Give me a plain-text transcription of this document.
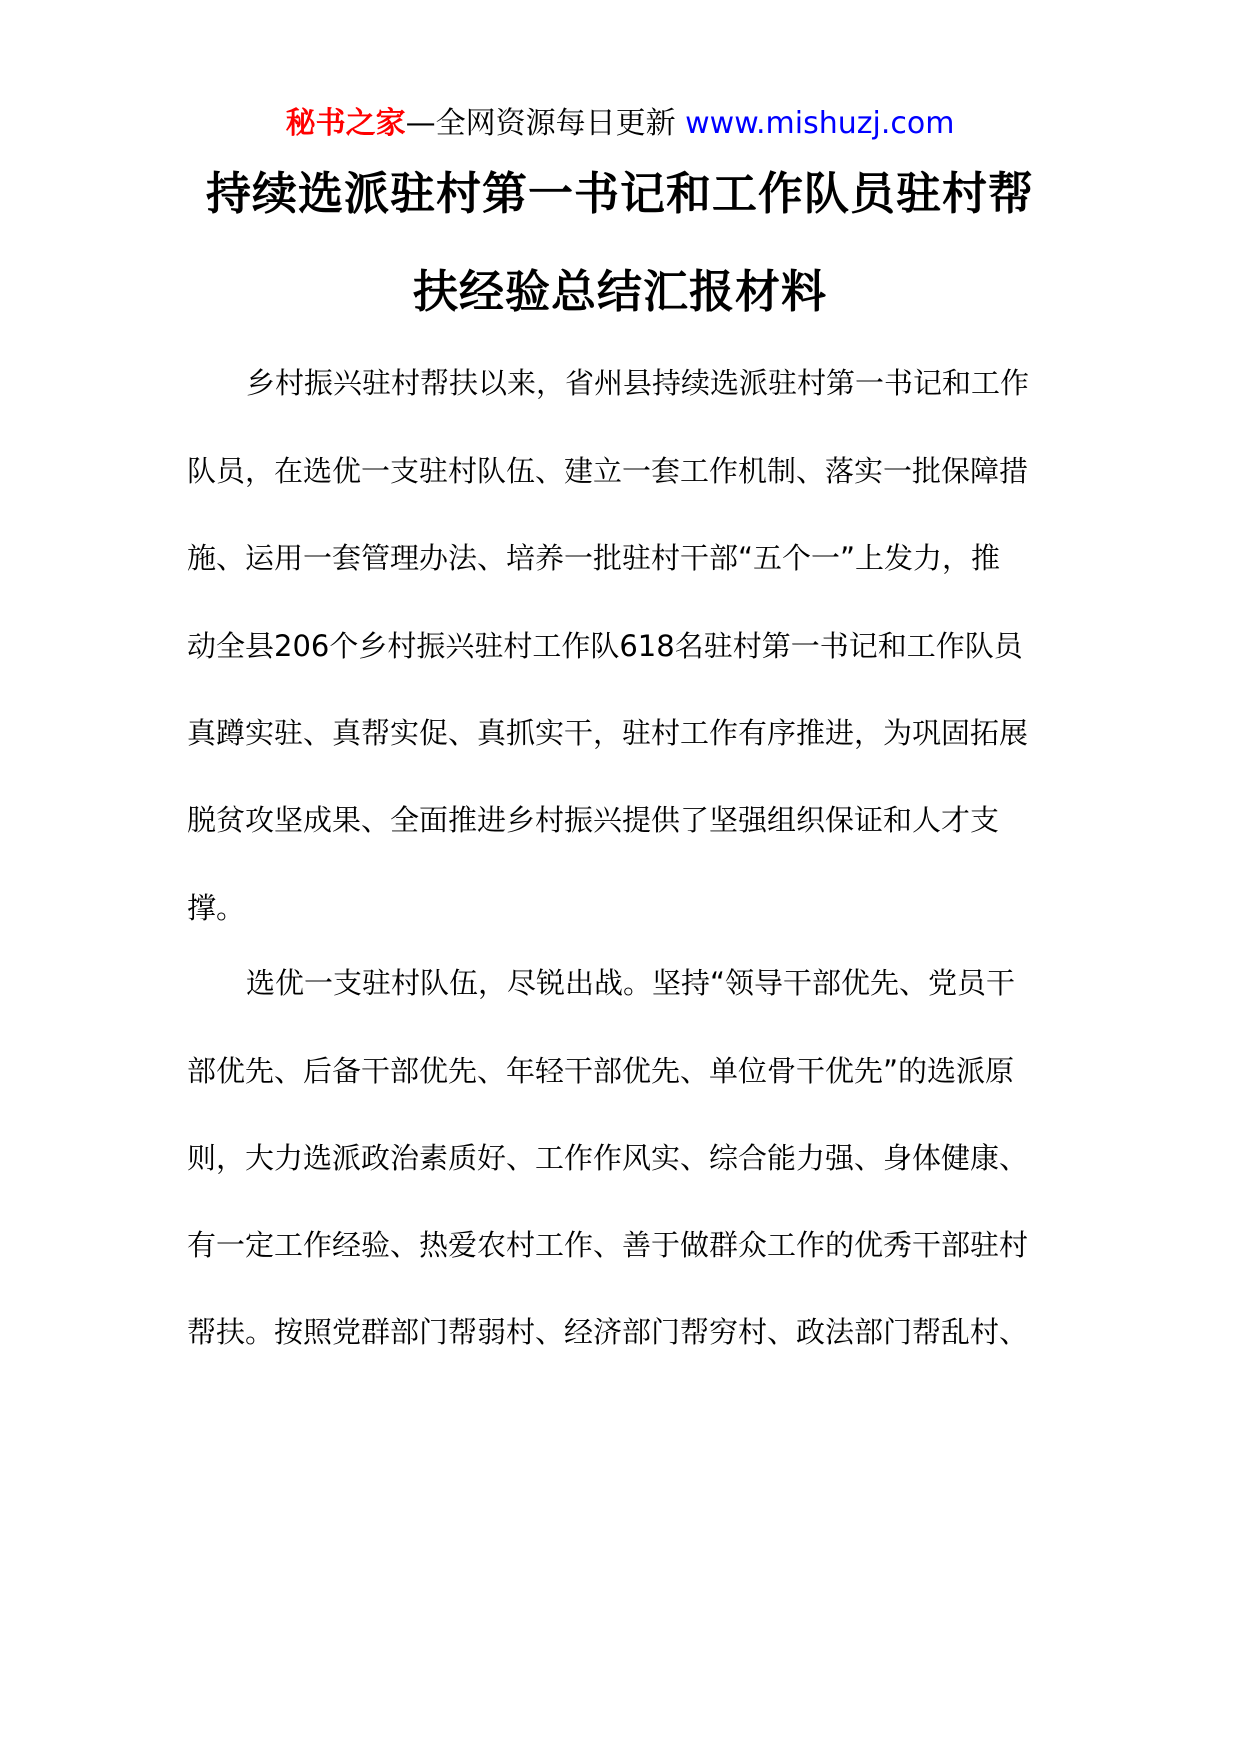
秘书之家—全网资源每日更新 www.mishuzj.com
持续选派驻村第一书记和工作队员驻村帮
扶经验总结汇报材料
乡村振兴驻村帮扶以来，省州县持续选派驻村第一书记和工作
队员，在选优一支驻村队伍、建立一套工作机制、落实一批保障措
施、运用一套管理办法、培养一批驻村干部“五个一”上发力，推
动全县206个乡村振兴驻村工作队618名驻村第一书记和工作队员
真蹲实驻、真帮实促、真抓实干，驻村工作有序推进，为巩固拓展
脱贫攻坚成果、全面推进乡村振兴提供了坚强组织保证和人才支
撑。
选优一支驻村队伍，尽锐出战。坚持“领导干部优先、党员干
部优先、后备干部优先、年轻干部优先、单位骨干优先”的选派原
则，大力选派政治素质好、工作作风实、综合能力强、身体健康、
有一定工作经验、热爱农村工作、善于做群众工作的优秀干部驻村
帮扶。按照党群部门帮弱村、经济部门帮穷村、政法部门帮乱村、
